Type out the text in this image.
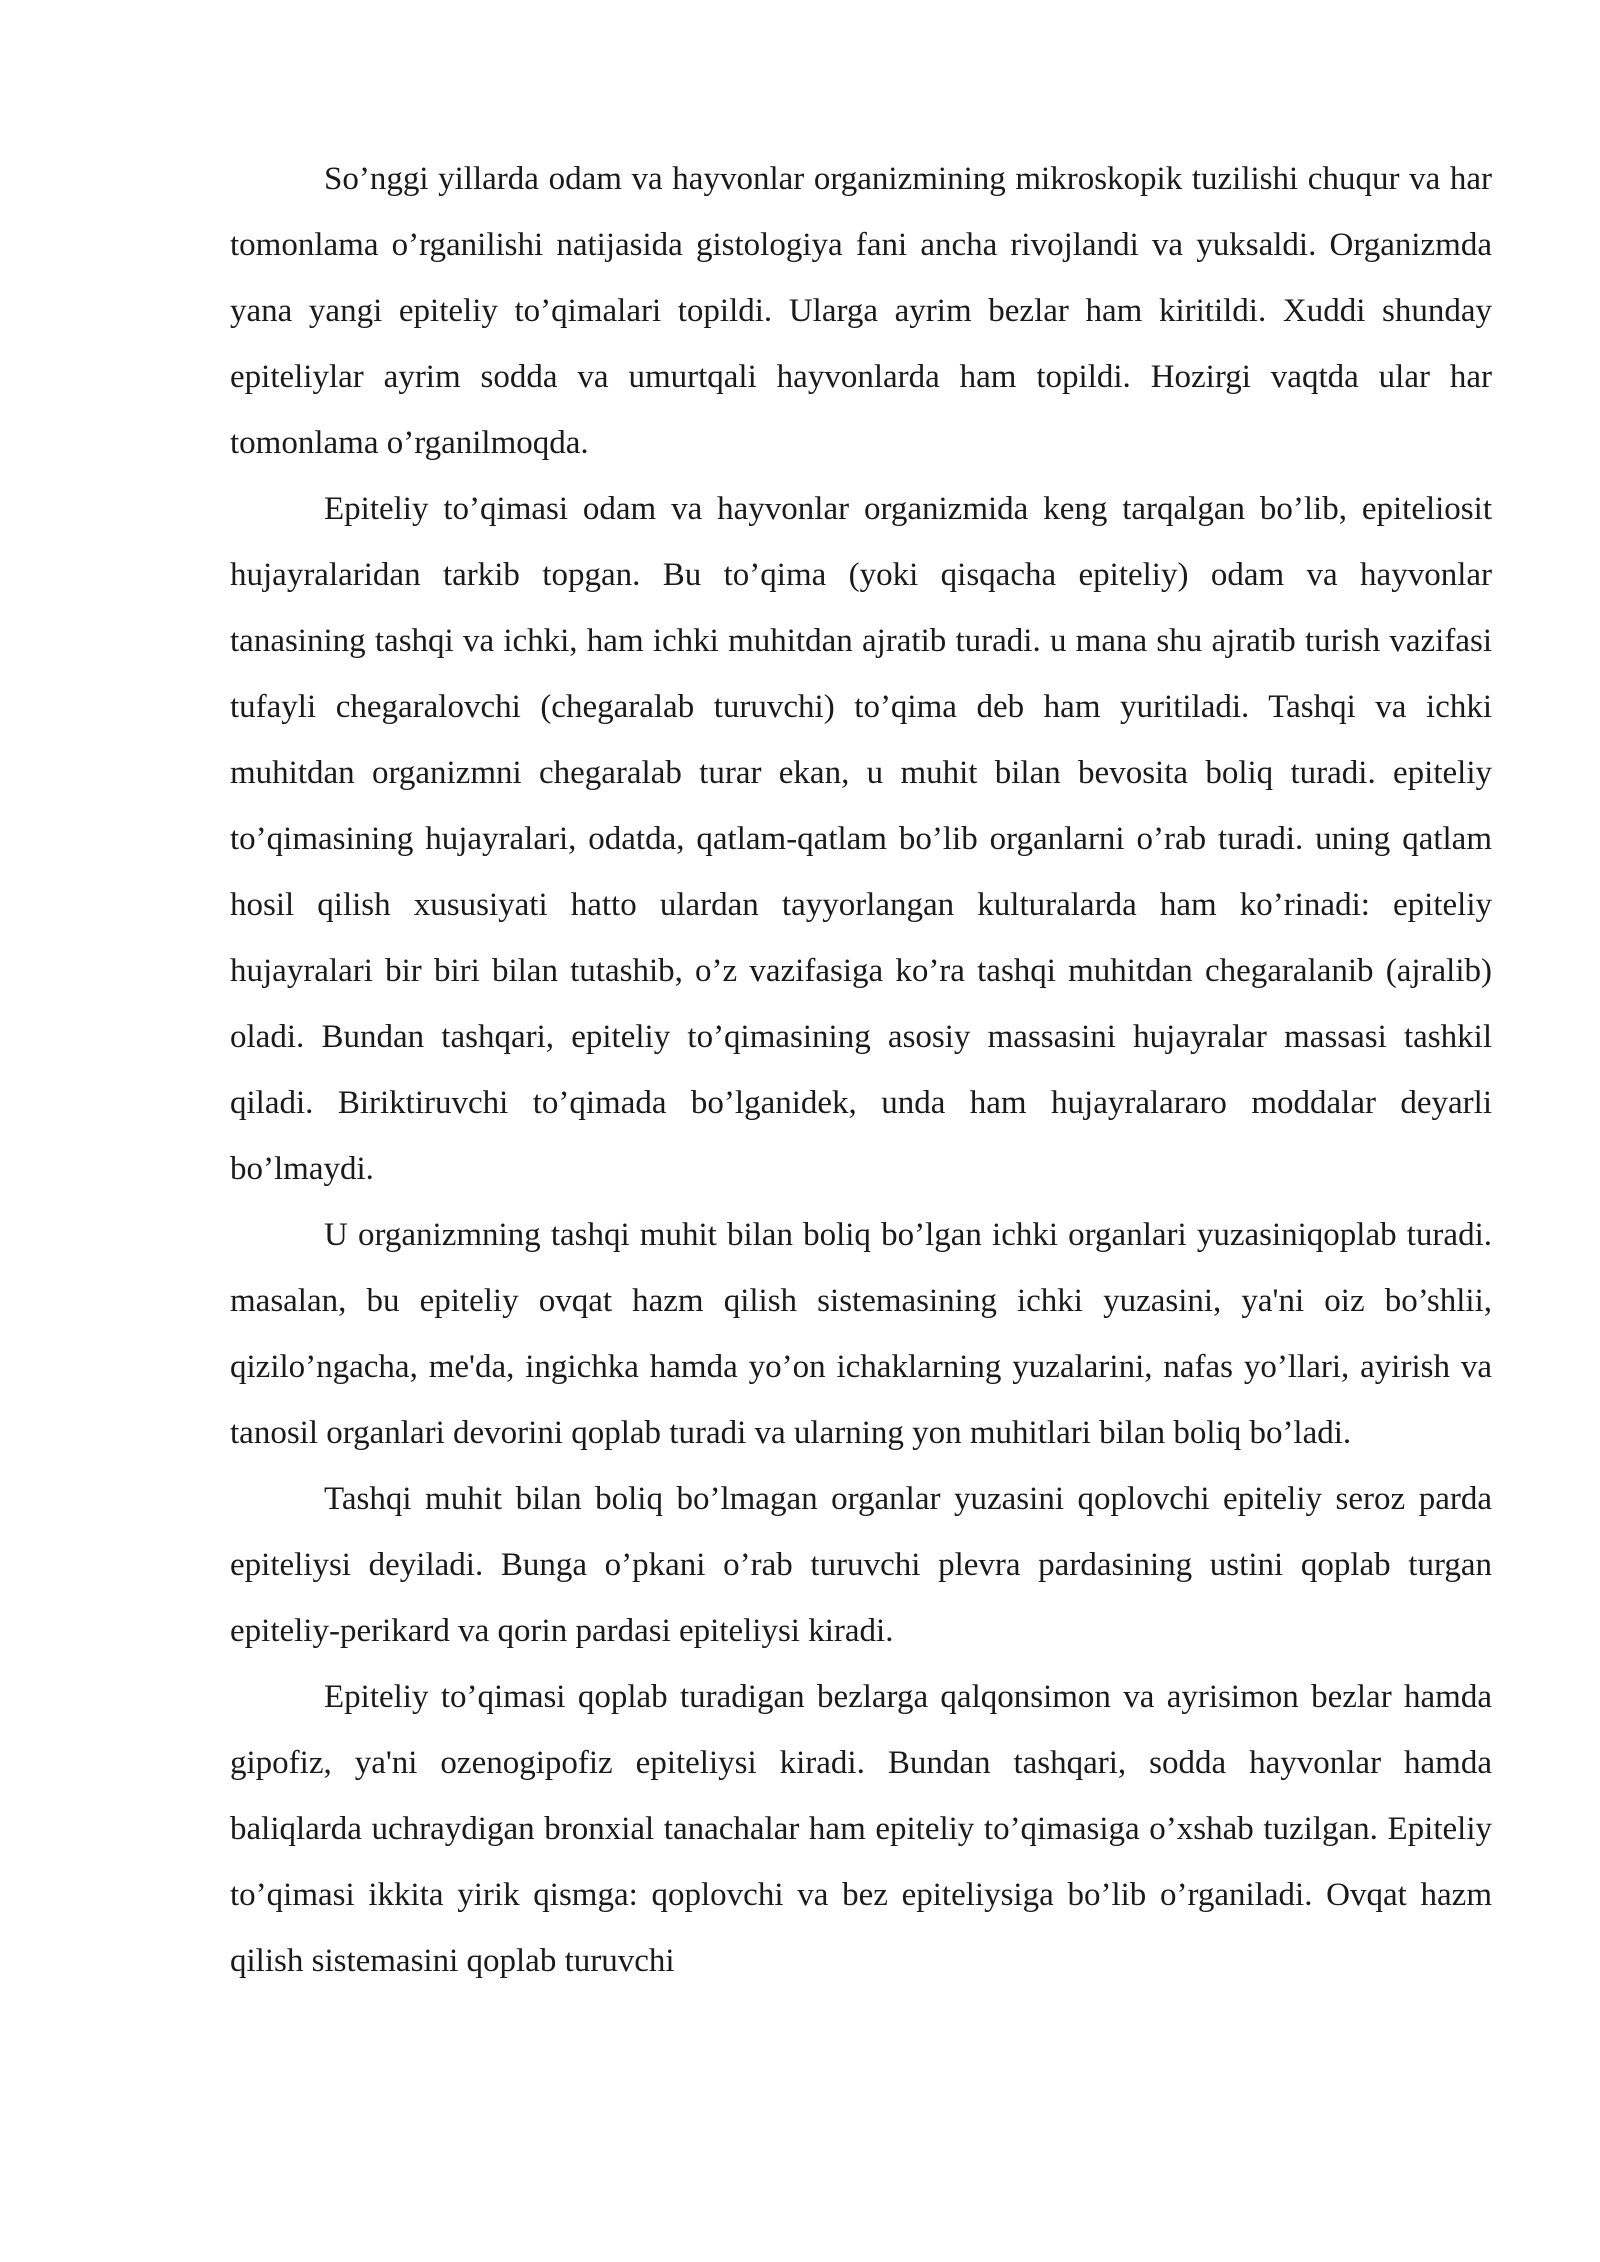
So’nggi yillarda odam va hayvonlar organizmining mikroskopik tuzilishi chuqur va har tomonlama o’rganilishi natijasida gistologiya fani ancha rivojlandi va yuksaldi. Organizmda yana yangi epiteliy to’qimalari topildi. Ularga ayrim bezlar ham kiritildi. Xuddi shunday epiteliylar ayrim sodda va umurtqali hayvonlarda ham topildi. Hozirgi vaqtda ular har tomonlama o’rganilmoqda.

Epiteliy to’qimasi odam va hayvonlar organizmida keng tarqalgan bo’lib, epiteliosit hujayralaridan tarkib topgan. Bu to’qima (yoki qisqacha epiteliy) odam va hayvonlar tanasining tashqi va ichki, ham ichki muhitdan ajratib turadi. u mana shu ajratib turish vazifasi tufayli chegaralovchi (chegaralab turuvchi) to’qima deb ham yuritiladi. Tashqi va ichki muhitdan organizmni chegaralab turar ekan, u muhit bilan bevosita boliq turadi. epiteliy to’qimasining hujayralari, odatda, qatlam-qatlam bo’lib organlarni o’rab turadi. uning qatlam hosil qilish xususiyati hatto ulardan tayyorlangan kulturalarda ham ko’rinadi: epiteliy hujayralari bir biri bilan tutashib, o’z vazifasiga ko’ra tashqi muhitdan chegaralanib (ajralib) oladi. Bundan tashqari, epiteliy to’qimasining asosiy massasini hujayralar massasi tashkil qiladi. Biriktiruvchi to’qimada bo’lganidek, unda ham hujayralararo moddalar deyarli bo’lmaydi.

U organizmning tashqi muhit bilan boliq bo’lgan ichki organlari yuzasiniqoplab turadi. masalan, bu epiteliy ovqat hazm qilish sistemasining ichki yuzasini, ya'ni oiz bo’shlii, qizilo’ngacha, me'da, ingichka hamda yo’on ichaklarning yuzalarini, nafas yo’llari, ayirish va tanosil organlari devorini qoplab turadi va ularning yon muhitlari bilan boliq bo’ladi.

Tashqi muhit bilan boliq bo’lmagan organlar yuzasini qoplovchi epiteliy seroz parda epiteliysi deyiladi. Bunga o’pkani o’rab turuvchi plevra pardasining ustini qoplab turgan epiteliy-perikard va qorin pardasi epiteliysi kiradi.

Epiteliy to’qimasi qoplab turadigan bezlarga qalqonsimon va ayrisimon bezlar hamda gipofiz, ya'ni ozenogipofiz epiteliysi kiradi. Bundan tashqari, sodda hayvonlar hamda baliqlarda uchraydigan bronxial tanachalar ham epiteliy to’qimasiga o’xshab tuzilgan. Epiteliy to’qimasi ikkita yirik qismga: qoplovchi va bez epiteliysiga bo’lib o’rganiladi. Ovqat hazm qilish sistemasini qoplab turuvchi
